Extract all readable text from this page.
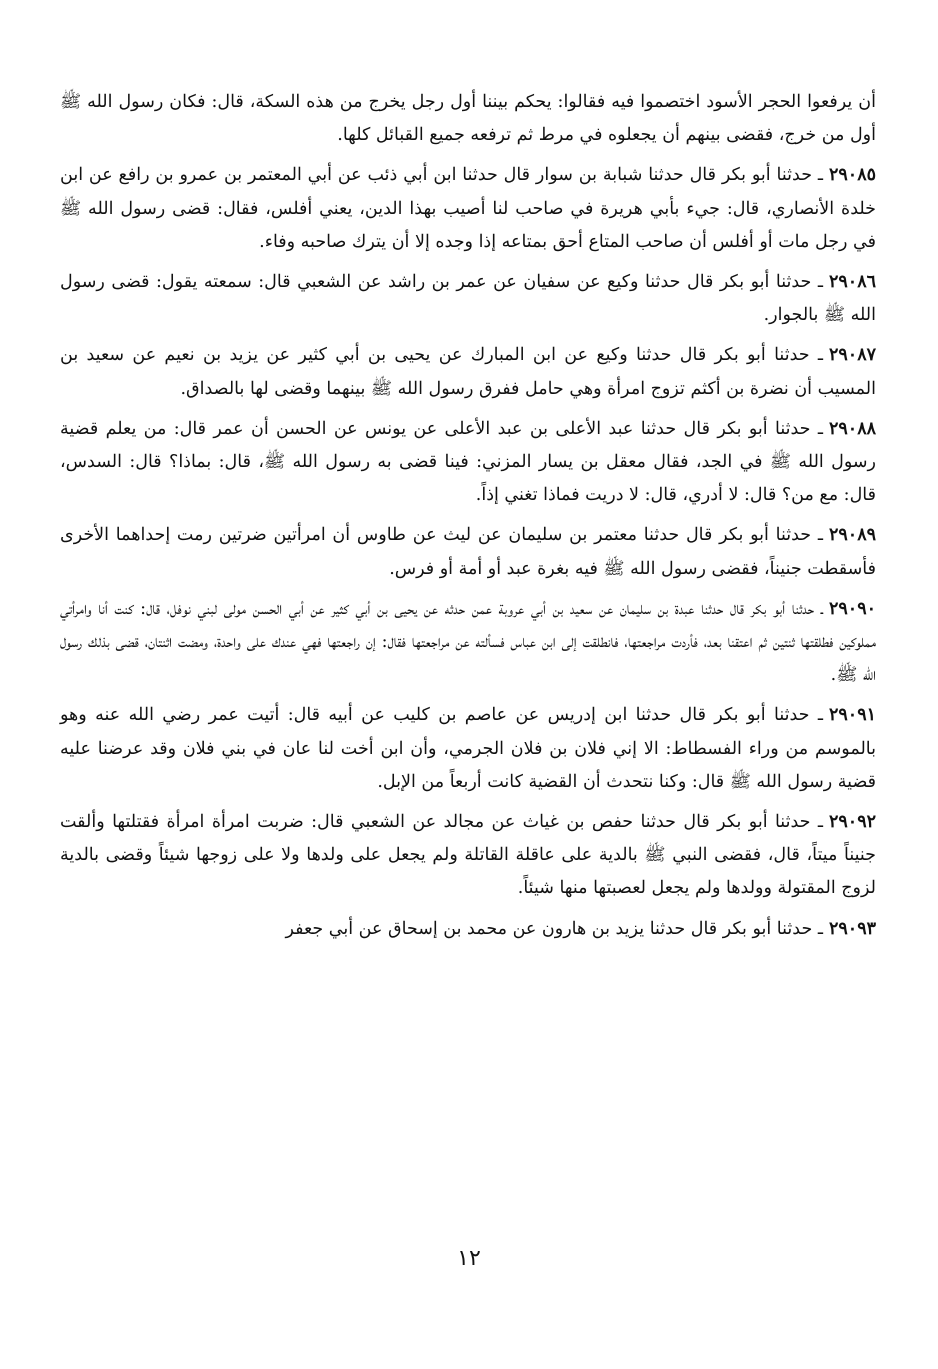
أن يرفعوا الحجر الأسود اختصموا فيه فقالوا: يحكم بيننا أول رجل يخرج من هذه السكة، قال: فكان رسول الله ﷺ أول من خرج، فقضى بينهم أن يجعلوه في مرط ثم ترفعه جميع القبائل كلها.

٢٩٠٨٥ـ حدثنا أبو بكر قال حدثنا شبابة بن سوار قال حدثنا ابن أبي ذئب عن أبي المعتمر بن عمرو بن رافع عن ابن خلدة الأنصاري، قال: جيء بأبي هريرة في صاحب لنا أصيب بهذا الدين، يعني أفلس، فقال: قضى رسول الله ﷺ في رجل مات أو أفلس أن صاحب المتاع أحق بمتاعه إذا وجده إلا أن يترك صاحبه وفاء.

٢٩٠٨٦ـ حدثنا أبو بكر قال حدثنا وكيع عن سفيان عن عمر بن راشد عن الشعبي قال: سمعته يقول: قضى رسول الله ﷺ بالجوار.

٢٩٠٨٧ـ حدثنا أبو بكر قال حدثنا وكيع عن ابن المبارك عن يحيى بن أبي كثير عن يزيد بن نعيم عن سعيد بن المسيب أن نضرة بن أكثم تزوج امرأة وهي حامل ففرق رسول الله ﷺ بينهما وقضى لها بالصداق.

٢٩٠٨٨ـ حدثنا أبو بكر قال حدثنا عبد الأعلى بن عبد الأعلى عن يونس عن الحسن أن عمر قال: من يعلم قضية رسول الله ﷺ في الجد، فقال معقل بن يسار المزني: فينا قضى به رسول الله ﷺ، قال: بماذا؟ قال: السدس، قال: مع من؟ قال: لا أدري، قال: لا دريت فماذا تغني إذاً.

٢٩٠٨٩ـ حدثنا أبو بكر قال حدثنا معتمر بن سليمان عن ليث عن طاوس أن امرأتين ضرتين رمت إحداهما الأخرى فأسقطت جنيناً، فقضى رسول الله ﷺ فيه بغرة عبد أو أمة أو فرس.

٢٩٠٩٠ـ حدثنا أبو بكر قال حدثنا عبدة بن سليمان عن سعيد بن أبي عروبة عمن حدثه عن يحيى بن أبي كثير عن أبي الحسن مولى لبني نوفل، قال: كنت أنا وامرأتي مملوكين فطلقتها ثنتين ثم اعتقنا بعد، فأردت مراجعتها، فانطلقت إلى ابن عباس فسألته عن مراجعتها فقال: إن راجعتها فهي عندك على واحدة، ومضت اثنتان، قضى بذلك رسول الله ﷺ.

٢٩٠٩١ـ حدثنا أبو بكر قال حدثنا ابن إدريس عن عاصم بن كليب عن أبيه قال: أتيت عمر رضي الله عنه وهو بالموسم من وراء الفسطاط: الا إني فلان بن فلان الجرمي، وأن ابن أخت لنا عان في بني فلان وقد عرضنا عليه قضية رسول الله ﷺ قال: وكنا نتحدث أن القضية كانت أربعاً من الإبل.

٢٩٠٩٢ـ حدثنا أبو بكر قال حدثنا حفص بن غياث عن مجالد عن الشعبي قال: ضربت امرأة امرأة فقتلتها وألقت جنيناً ميتاً، قال، فقضى النبي ﷺ بالدية على عاقلة القاتلة ولم يجعل على ولدها ولا على زوجها شيئاً وقضى بالدية لزوج المقتولة وولدها ولم يجعل لعصبتها منها شيئاً.

٢٩٠٩٣ـ حدثنا أبو بكر قال حدثنا يزيد بن هارون عن محمد بن إسحاق عن أبي جعفر

١٢
